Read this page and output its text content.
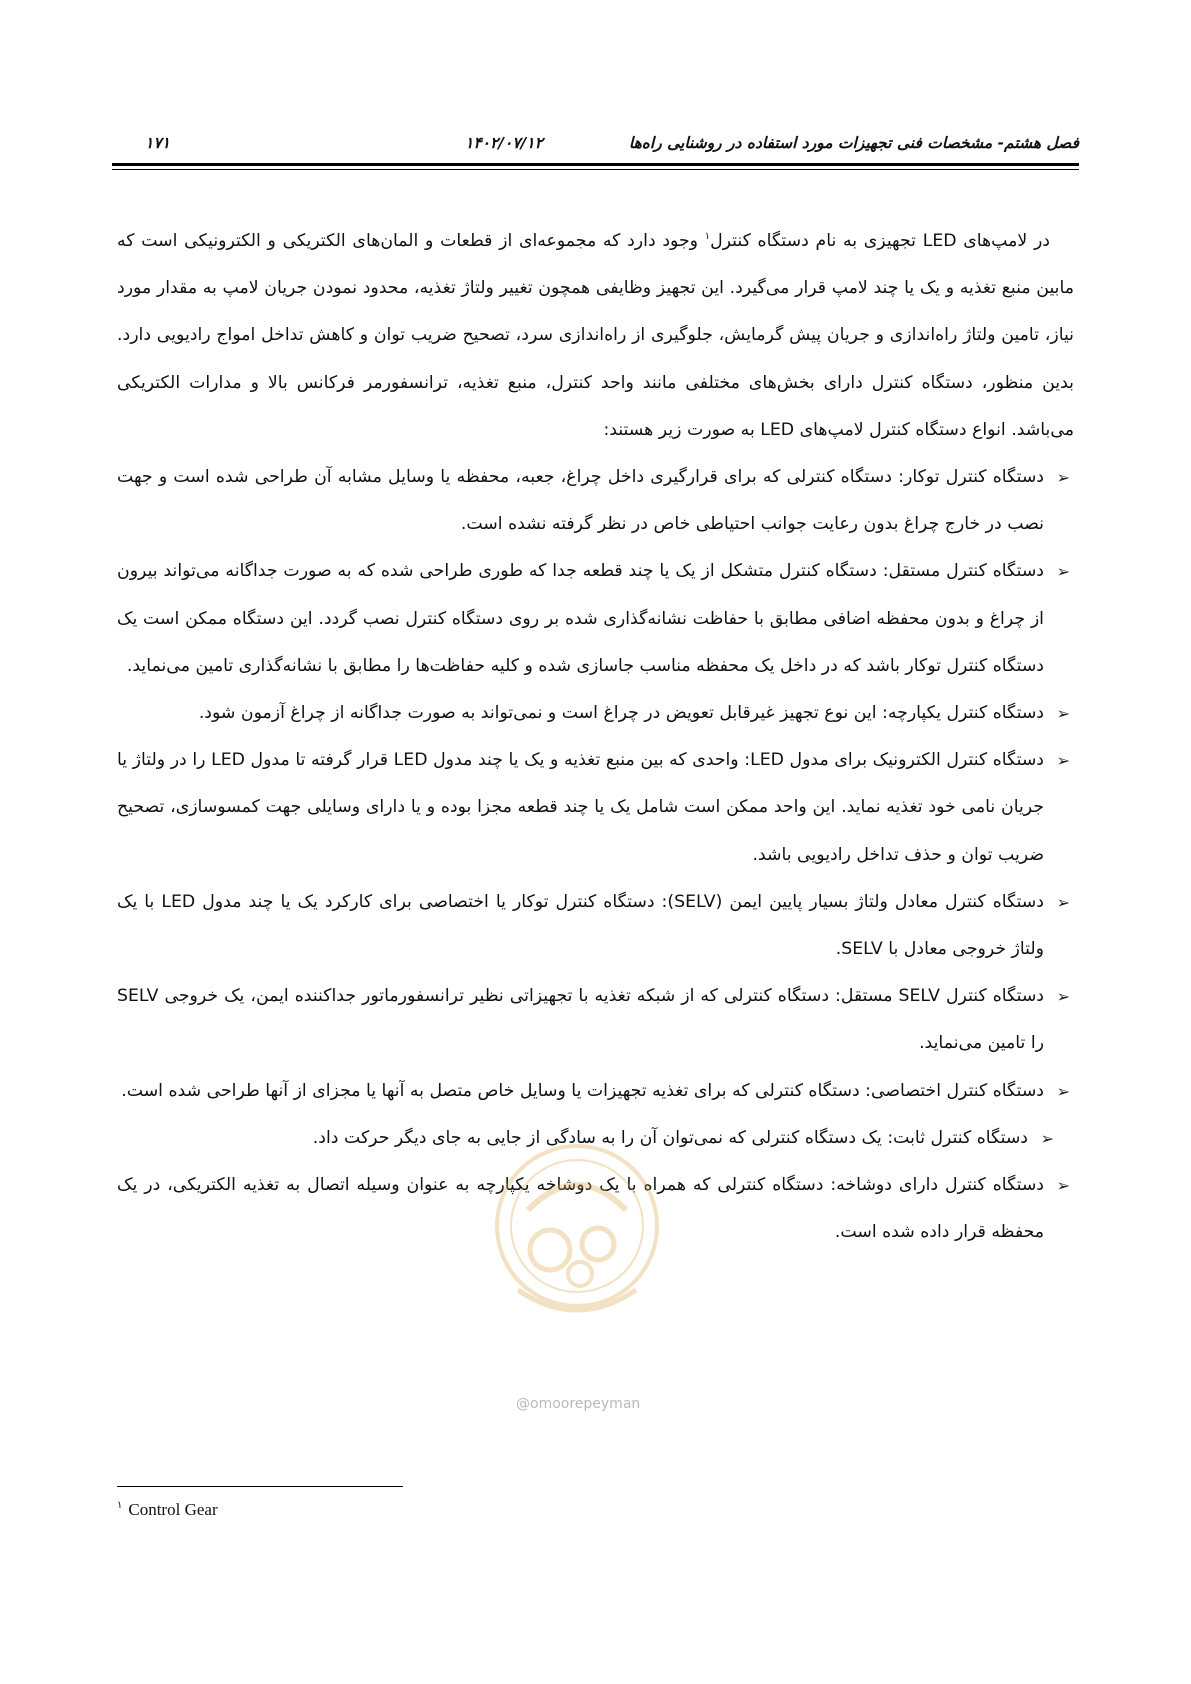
فصل هشتم- مشخصات فنی تجهیزات مورد استفاده در روشنایی راه‌ها
۱۴۰۲/۰۷/۱۲
۱۷۱

در لامپ‌های LED تجهیزی به نام دستگاه کنترل$^۱$ وجود دارد که مجموعه‌ای از قطعات و المان‌های الکتریکی و الکترونیکی است که مابین منبع تغذیه و یک یا چند لامپ قرار می‌گیرد. این تجهیز وظایفی همچون تغییر ولتاژ تغذیه، محدود نمودن جریان لامپ به مقدار مورد نیاز، تامین ولتاژ راه‌اندازی و جریان پیش گرمایش، جلوگیری از راه‌اندازی سرد، تصحیح ضریب توان و کاهش تداخل امواج رادیویی دارد. بدین منظور، دستگاه کنترل دارای بخش‌های مختلفی مانند واحد کنترل، منبع تغذیه، ترانسفورمر فرکانس بالا و مدارات الکتریکی می‌باشد. انواع دستگاه کنترل لامپ‌های LED به صورت زیر هستند:

➢
دستگاه کنترل توکار: دستگاه کنترلی که برای قرارگیری داخل چراغ، جعبه، محفظه یا وسایل مشابه آن طراحی شده است و جهت نصب در خارج چراغ بدون رعایت جوانب احتیاطی خاص در نظر گرفته نشده است.
➢
دستگاه کنترل مستقل: دستگاه کنترل متشکل از یک یا چند قطعه جدا که طوری طراحی شده که به صورت جداگانه می‌تواند بیرون از چراغ و بدون محفظه اضافی مطابق با حفاظت نشانه‌گذاری شده بر روی دستگاه کنترل نصب گردد. این دستگاه ممکن است یک دستگاه کنترل توکار باشد که در داخل یک محفظه مناسب جاسازی شده و کلیه حفاظت‌ها را مطابق با نشانه‌گذاری تامین می‌نماید.
➢
دستگاه کنترل یکپارچه: این نوع تجهیز غیرقابل تعویض در چراغ است و نمی‌تواند به صورت جداگانه از چراغ آزمون شود.
➢
دستگاه کنترل الکترونیک برای مدول LED: واحدی که بین منبع تغذیه و یک یا چند مدول LED قرار گرفته تا مدول LED را در ولتاژ یا جریان نامی خود تغذیه نماید. این واحد ممکن است شامل یک یا چند قطعه مجزا بوده و یا دارای وسایلی جهت کمسوسازی، تصحیح ضریب توان و حذف تداخل رادیویی باشد.
➢
دستگاه کنترل معادل ولتاژ بسیار پایین ایمن (SELV): دستگاه کنترل توکار یا اختصاصی برای کارکرد یک یا چند مدول LED با یک ولتاژ خروجی معادل با SELV.
➢
دستگاه کنترل SELV مستقل: دستگاه کنترلی که از شبکه تغذیه با تجهیزاتی نظیر ترانسفورماتور جداکننده ایمن، یک خروجی SELV را تامین می‌نماید.
➢
دستگاه کنترل اختصاصی: دستگاه کنترلی که برای تغذیه تجهیزات یا وسایل خاص متصل به آنها یا مجزای از آنها طراحی شده است.
➢
دستگاه کنترل ثابت: یک دستگاه کنترلی که نمی‌توان آن را به سادگی از جایی به جای دیگر حرکت داد.
➢
دستگاه کنترل دارای دوشاخه: دستگاه کنترلی که همراه با یک دوشاخه یکپارچه به عنوان وسیله اتصال به تغذیه الکتریکی، در یک محفظه قرار داده شده است.
@omoorepeyman
$^۱$ Control Gear
